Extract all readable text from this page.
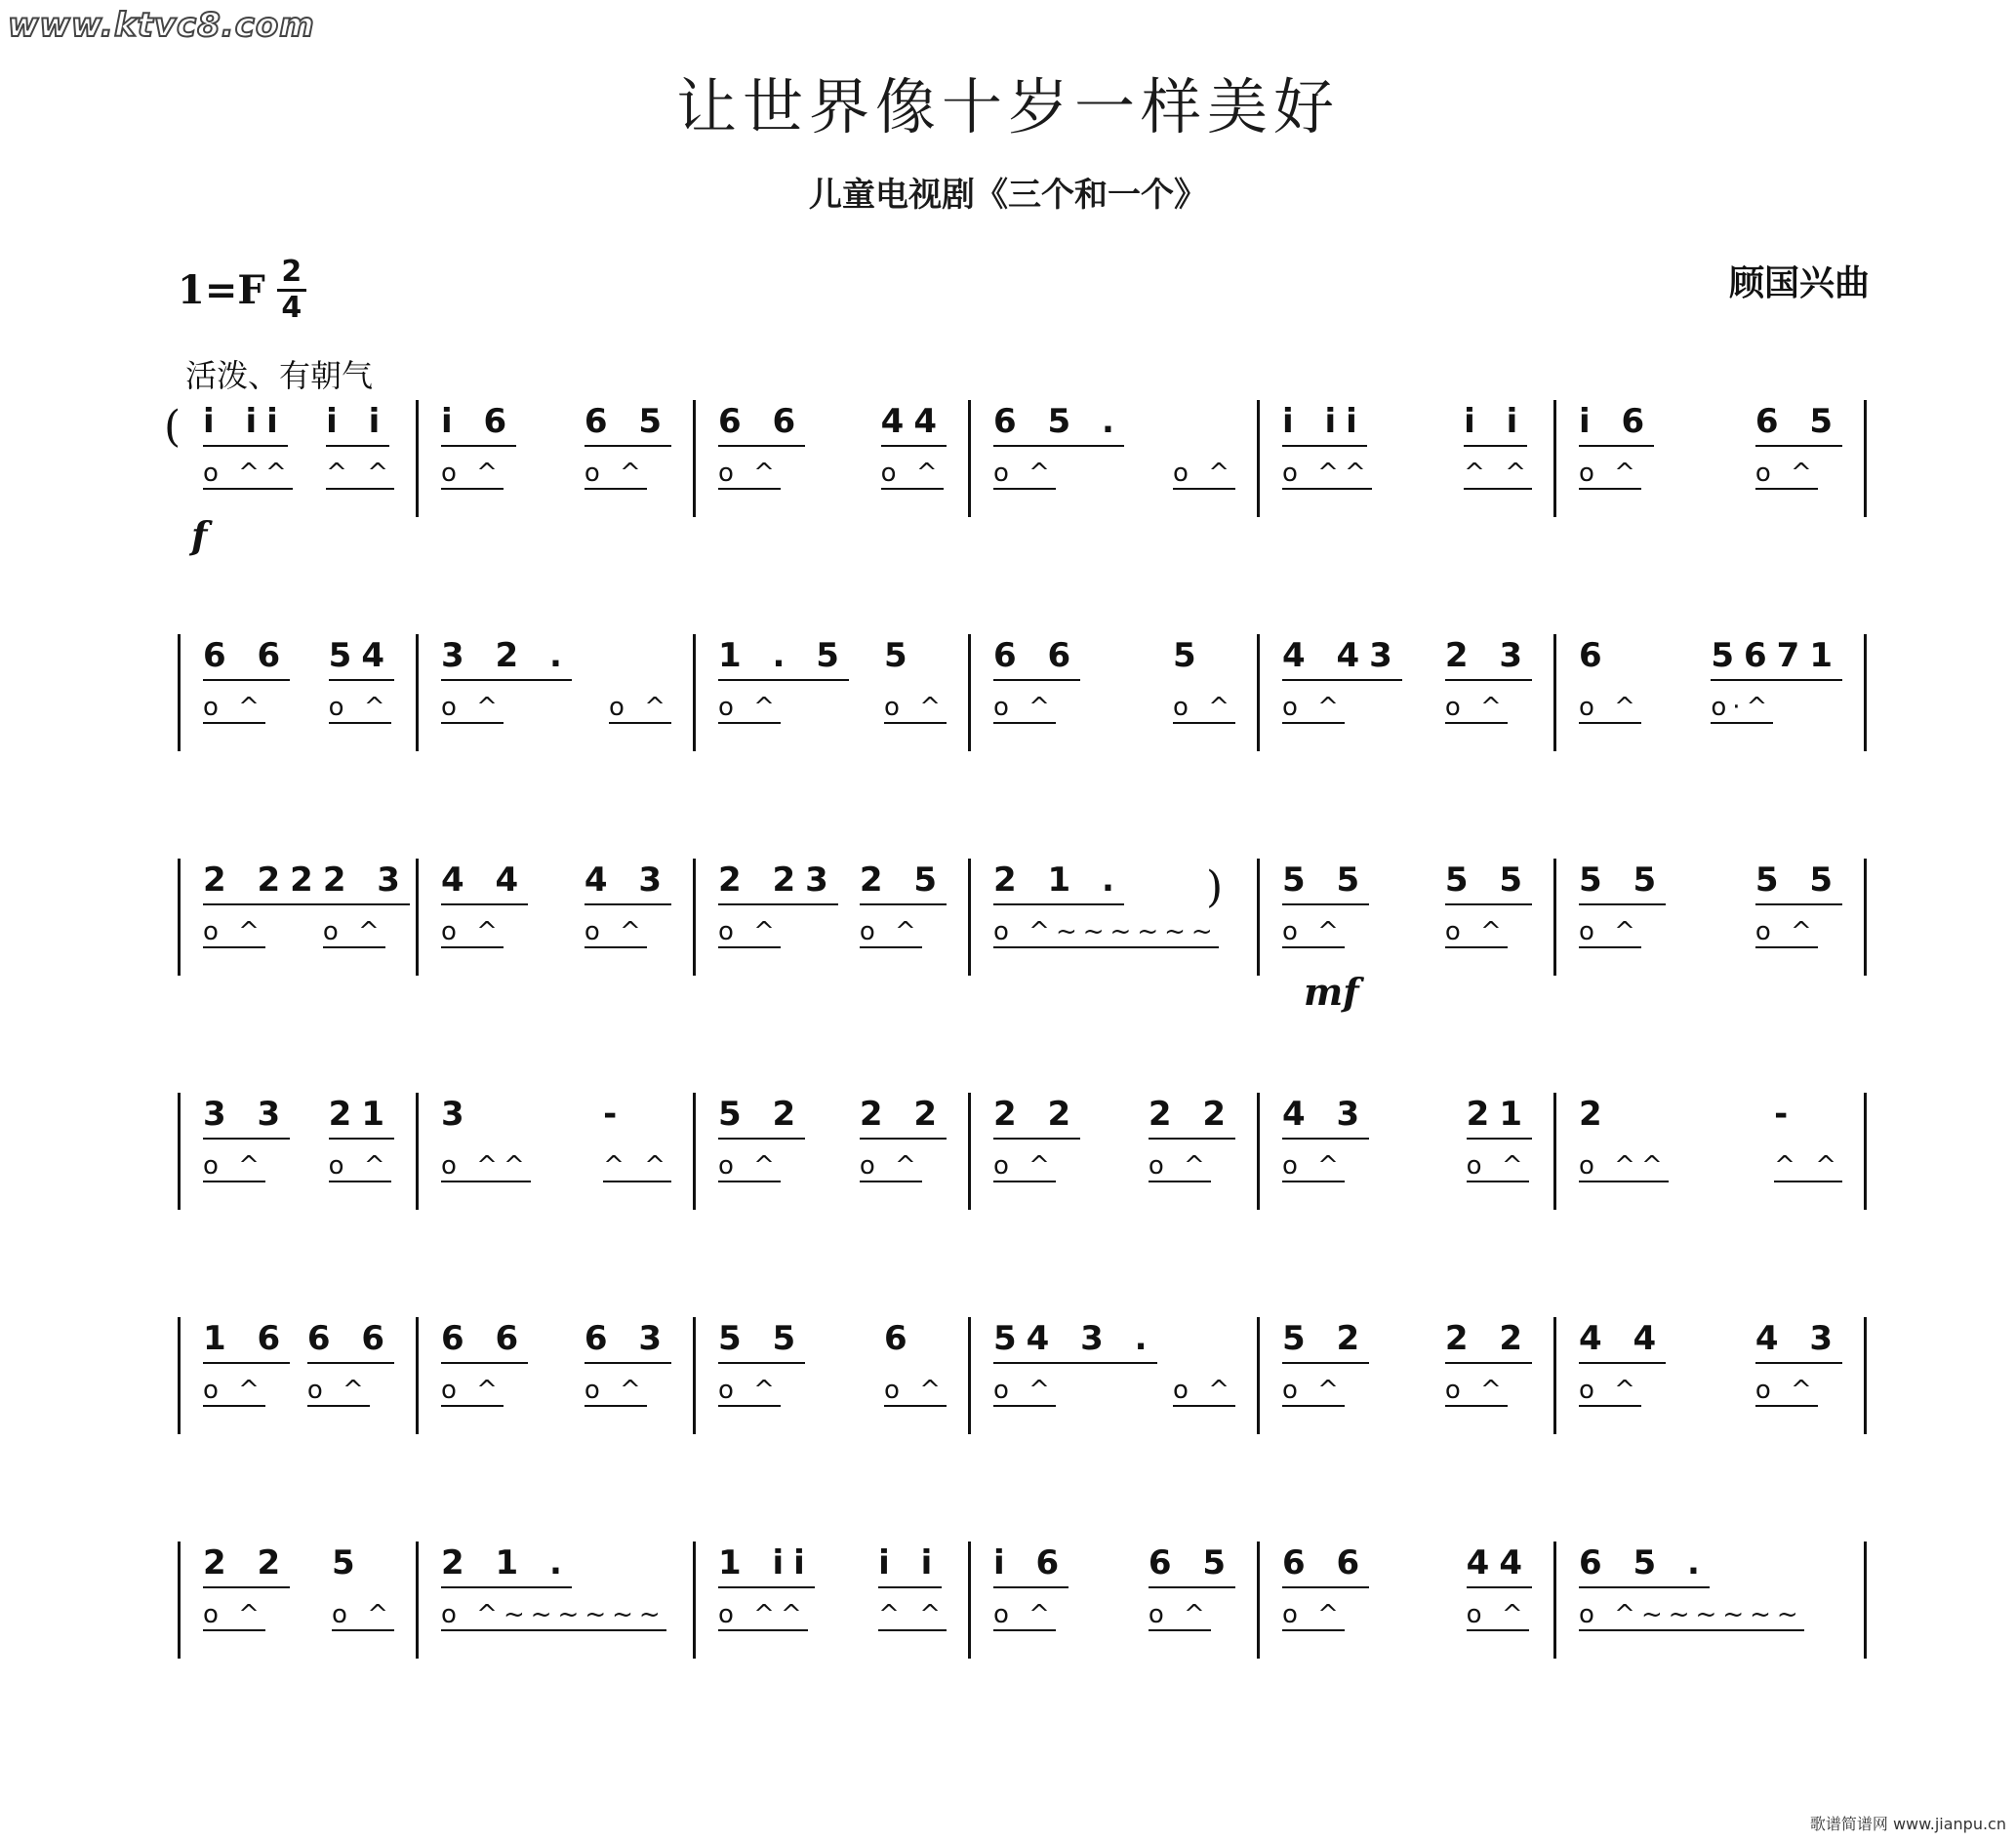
www.ktvc8.com
让世界像十岁一样美好
儿童电视剧《三个和一个》
$1=F \frac{2}{4}$	顾国兴曲
活泼、有朝气
(
)
f
mf
i ii
o ^^
i i
^ ^
i 6
o ^
6 5
o ^
6 6
o ^
44
o ^
6 5 .
o ^	o ^
i ii
o ^^
i i
^ ^
i 6
o ^
6 5
o ^
6 6
o ^
54
o ^
3 2 .
o ^	o ^
1 . 5
o ^
5
o ^
6 6
o ^
5
o ^
4 43
o ^
2 3
o ^
6
o ^
5671
o·^
2 22
o ^
2 3
o ^
4 4
o ^
4 3
o ^
2 23
o ^
2 5
o ^
2 1 .
o ^~~~~~~
5 5
o ^
5 5
o ^
5 5
o ^
5 5
o ^
3 3
o ^
21
o ^
3
o ^^
-
^ ^
5 2
o ^
2 2
o ^
2 2
o ^
2 2
o ^
4 3
o ^
21
o ^
2
o ^^
-
^ ^
1 6
o ^
6 6
o ^
6 6
o ^
6 3
o ^
5 5
o ^
6
o ^
54 3 .
o ^	o ^
5 2
o ^
2 2
o ^
4 4
o ^
4 3
o ^
2 2
o ^
5
o ^
2 1 .
o ^~~~~~~
1 ii
o ^^
i i
^ ^
i 6
o ^
6 5
o ^
6 6
o ^
44
o ^
6 5 .
o ^~~~~~~
歌谱简谱网 www.jianpu.cn
